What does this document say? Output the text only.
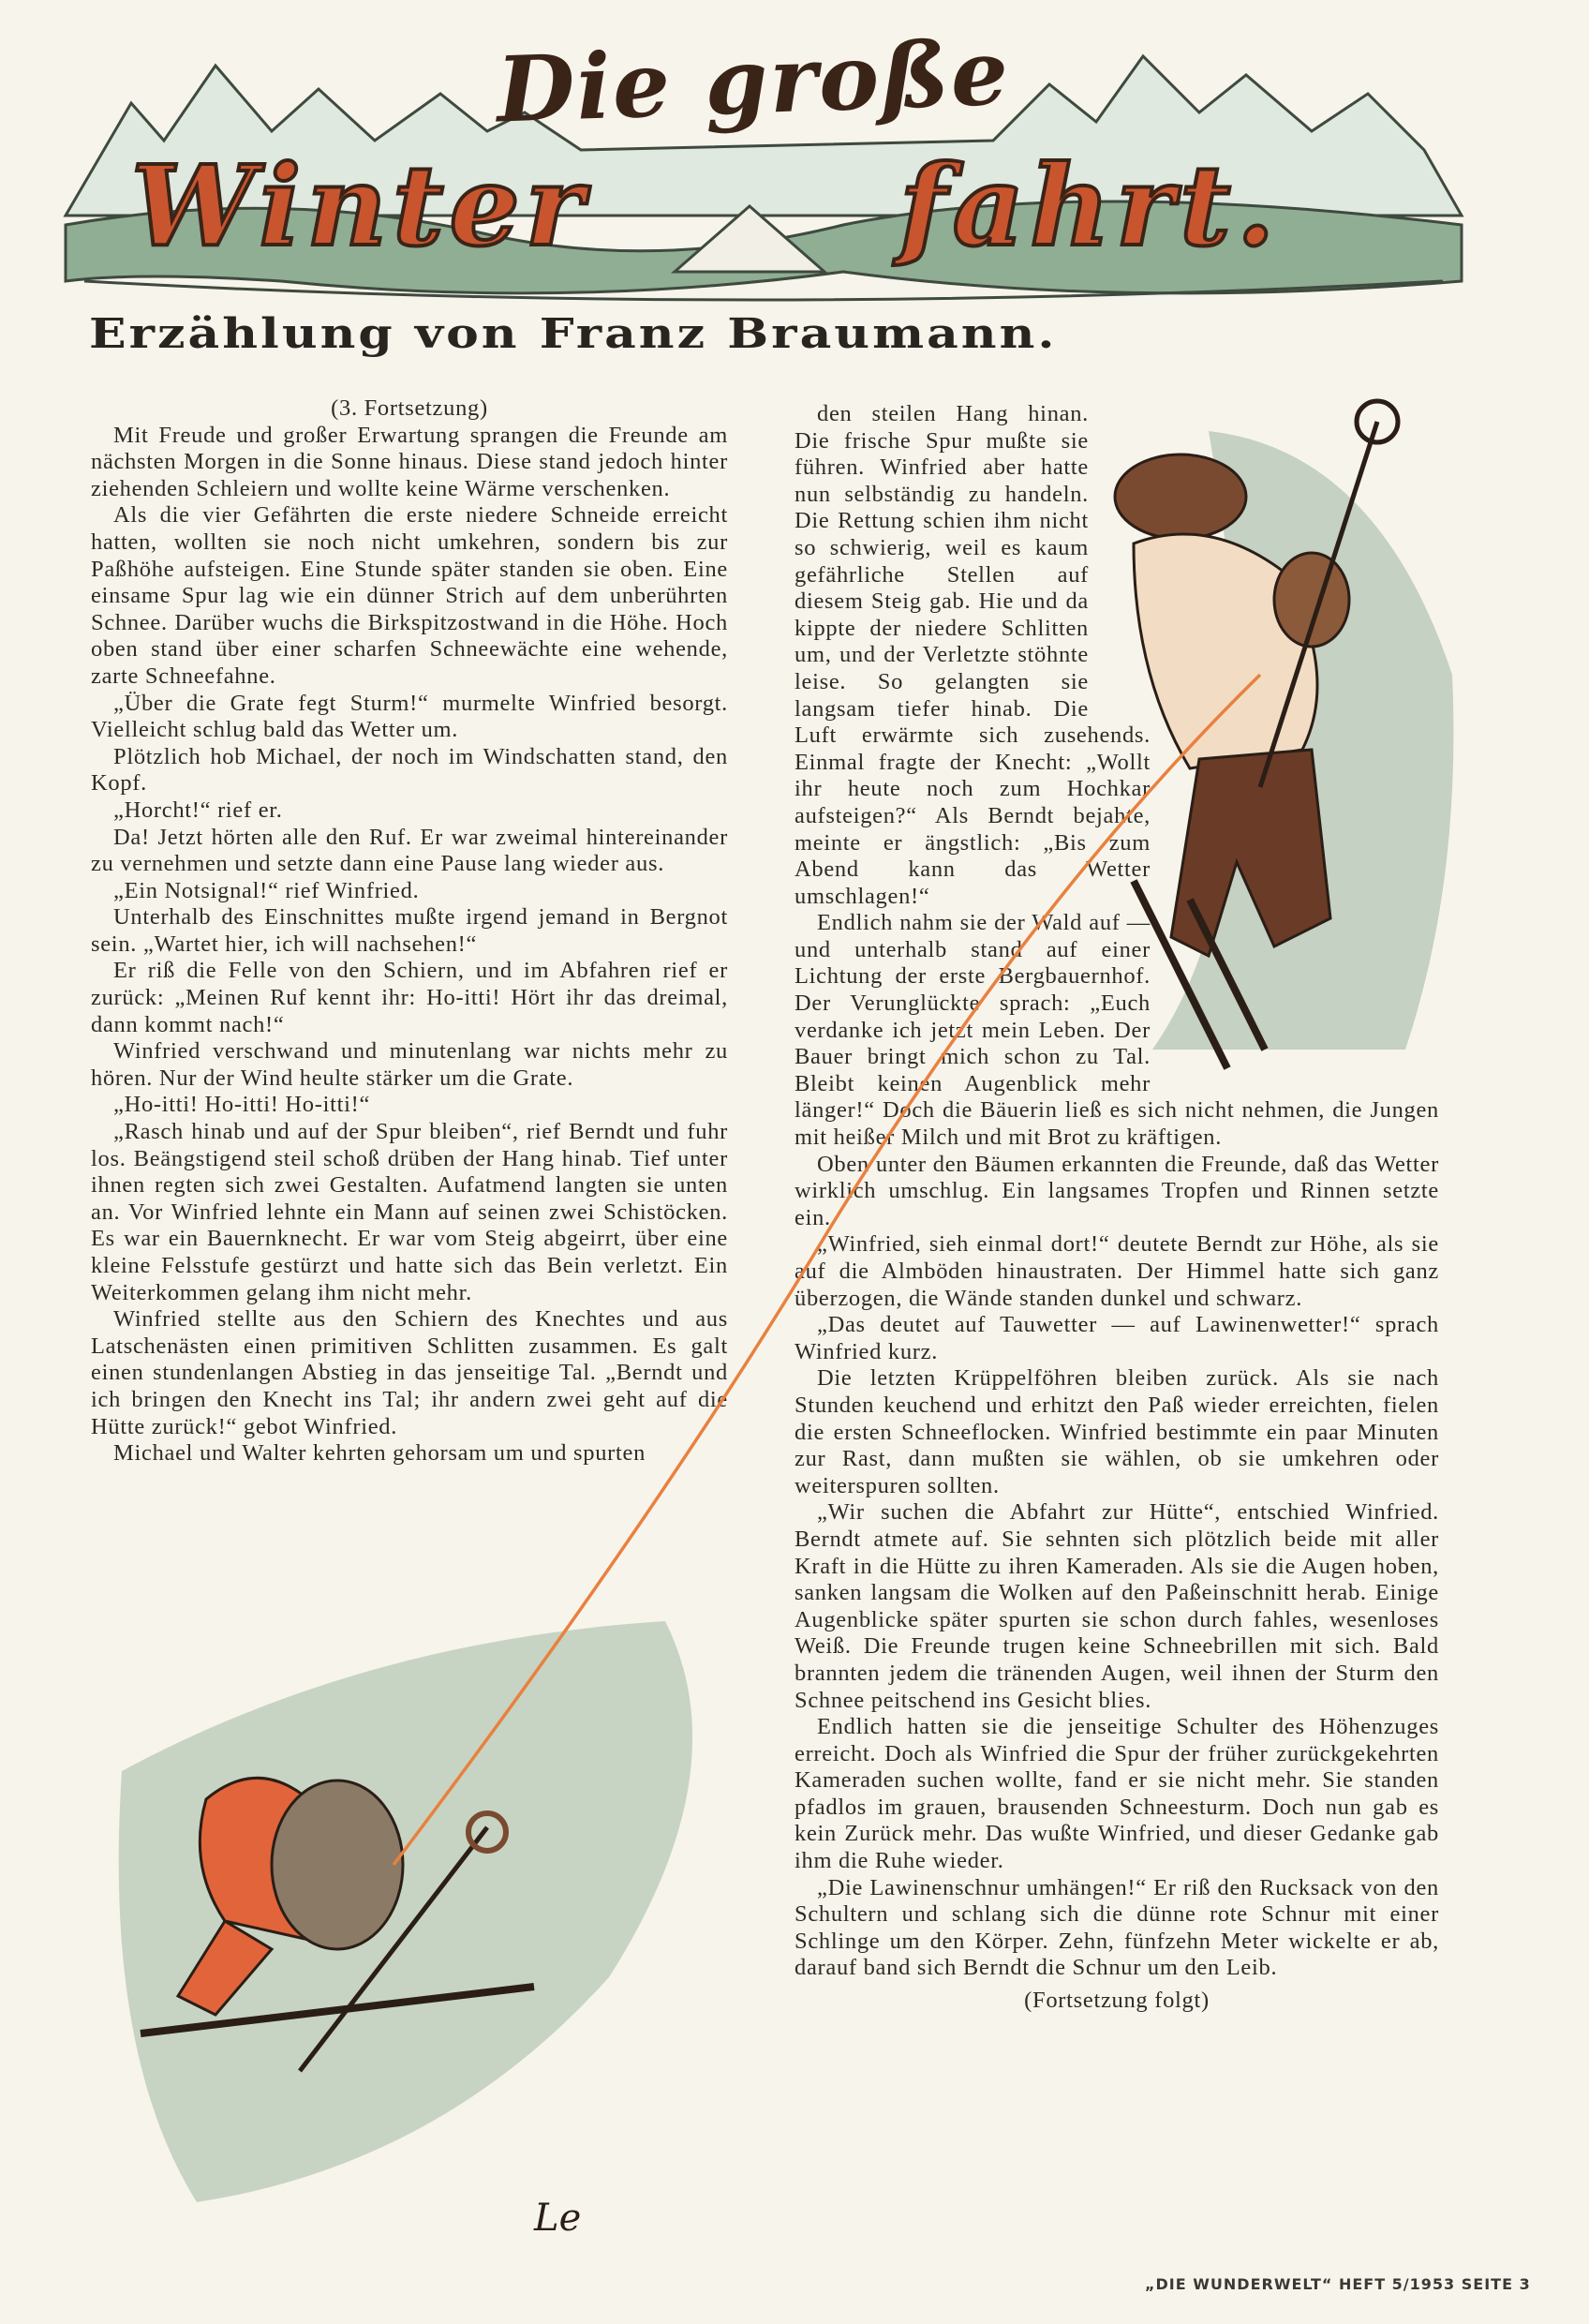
Die große
Winter	fahrt.
Erzählung von Franz Braumann.
Le

(3. Fortsetzung)

Mit Freude und großer Erwartung sprangen die Freunde am nächsten Morgen in die Sonne hinaus. Diese stand jedoch hinter ziehenden Schleiern und wollte keine Wärme verschenken.

Als die vier Gefährten die erste niedere Schneide erreicht hatten, wollten sie noch nicht umkehren, sondern bis zur Paßhöhe aufsteigen. Eine Stunde später standen sie oben. Eine einsame Spur lag wie ein dünner Strich auf dem unberührten Schnee. Darüber wuchs die Birkspitzostwand in die Höhe. Hoch oben stand über einer scharfen Schneewächte eine wehende, zarte Schneefahne.

„Über die Grate fegt Sturm!“ murmelte Winfried besorgt. Vielleicht schlug bald das Wetter um.

Plötzlich hob Michael, der noch im Windschatten stand, den Kopf.

„Horcht!“ rief er.

Da! Jetzt hörten alle den Ruf. Er war zweimal hintereinander zu vernehmen und setzte dann eine Pause lang wieder aus.

„Ein Notsignal!“ rief Winfried.

Unterhalb des Einschnittes mußte irgend jemand in Bergnot sein. „Wartet hier, ich will nachsehen!“

Er riß die Felle von den Schiern, und im Abfahren rief er zurück: „Meinen Ruf kennt ihr: Ho-itti! Hört ihr das dreimal, dann kommt nach!“

Winfried verschwand und minutenlang war nichts mehr zu hören. Nur der Wind heulte stärker um die Grate.

„Ho-itti! Ho-itti! Ho-itti!“

„Rasch hinab und auf der Spur bleiben“, rief Berndt und fuhr los. Beängstigend steil schoß drüben der Hang hinab. Tief unter ihnen regten sich zwei Gestalten. Aufatmend langten sie unten an. Vor Winfried lehnte ein Mann auf seinen zwei Schistöcken. Es war ein Bauernknecht. Er war vom Steig abgeirrt, über eine kleine Felsstufe gestürzt und hatte sich das Bein verletzt. Ein Weiterkommen gelang ihm nicht mehr.

Winfried stellte aus den Schiern des Knechtes und aus Latschenästen einen primitiven Schlitten zusammen. Es galt einen stundenlangen Abstieg in das jenseitige Tal. „Berndt und ich bringen den Knecht ins Tal; ihr andern zwei geht auf die Hütte zurück!“ gebot Winfried.

Michael und Walter kehrten gehorsam um und spurten

den steilen Hang hinan. Die frische Spur mußte sie führen. Winfried aber hatte nun selbständig zu handeln. Die Rettung schien ihm nicht so schwierig, weil es kaum gefährliche Stellen auf diesem Steig gab. Hie und da kippte der niedere Schlitten um, und der Verletzte stöhnte leise. So gelangten sie langsam tiefer hinab. Die Luft erwärmte sich zusehends. Einmal fragte der Knecht: „Wollt ihr heute noch zum Hochkar aufsteigen?“ Als Berndt bejahte, meinte er ängstlich: „Bis zum Abend kann das Wetter umschlagen!“

Endlich nahm sie der Wald auf — und unterhalb stand auf einer Lichtung der erste Bergbauernhof. Der Verunglückte sprach: „Euch verdanke ich jetzt mein Leben. Der Bauer bringt mich schon zu Tal. Bleibt keinen Augenblick mehr länger!“ Doch die Bäuerin ließ es sich nicht nehmen, die Jungen mit heißer Milch und mit Brot zu kräftigen.

Oben unter den Bäumen erkannten die Freunde, daß das Wetter wirklich umschlug. Ein langsames Tropfen und Rinnen setzte ein.

„Winfried, sieh einmal dort!“ deutete Berndt zur Höhe, als sie auf die Almböden hinaustraten. Der Himmel hatte sich ganz überzogen, die Wände standen dunkel und schwarz.

„Das deutet auf Tauwetter — auf Lawinenwetter!“ sprach Winfried kurz.

Die letzten Krüppelföhren bleiben zurück. Als sie nach Stunden keuchend und erhitzt den Paß wieder erreichten, fielen die ersten Schneeflocken. Winfried bestimmte ein paar Minuten zur Rast, dann mußten sie wählen, ob sie umkehren oder weiterspuren sollten.

„Wir suchen die Abfahrt zur Hütte“, entschied Winfried. Berndt atmete auf. Sie sehnten sich plötzlich beide mit aller Kraft in die Hütte zu ihren Kameraden. Als sie die Augen hoben, sanken langsam die Wolken auf den Paßeinschnitt herab. Einige Augenblicke später spurten sie schon durch fahles, wesenloses Weiß. Die Freunde trugen keine Schneebrillen mit sich. Bald brannten jedem die tränenden Augen, weil ihnen der Sturm den Schnee peitschend ins Gesicht blies.

Endlich hatten sie die jenseitige Schulter des Höhenzuges erreicht. Doch als Winfried die Spur der früher zurückgekehrten Kameraden suchen wollte, fand er sie nicht mehr. Sie standen pfadlos im grauen, brausenden Schneesturm. Doch nun gab es kein Zurück mehr. Das wußte Winfried, und dieser Gedanke gab ihm die Ruhe wieder.

„Die Lawinenschnur umhängen!“ Er riß den Rucksack von den Schultern und schlang sich die dünne rote Schnur mit einer Schlinge um den Körper. Zehn, fünfzehn Meter wickelte er ab, darauf band sich Berndt die Schnur um den Leib.

(Fortsetzung folgt)

„DIE WUNDERWELT“ HEFT 5/1953 SEITE 3
